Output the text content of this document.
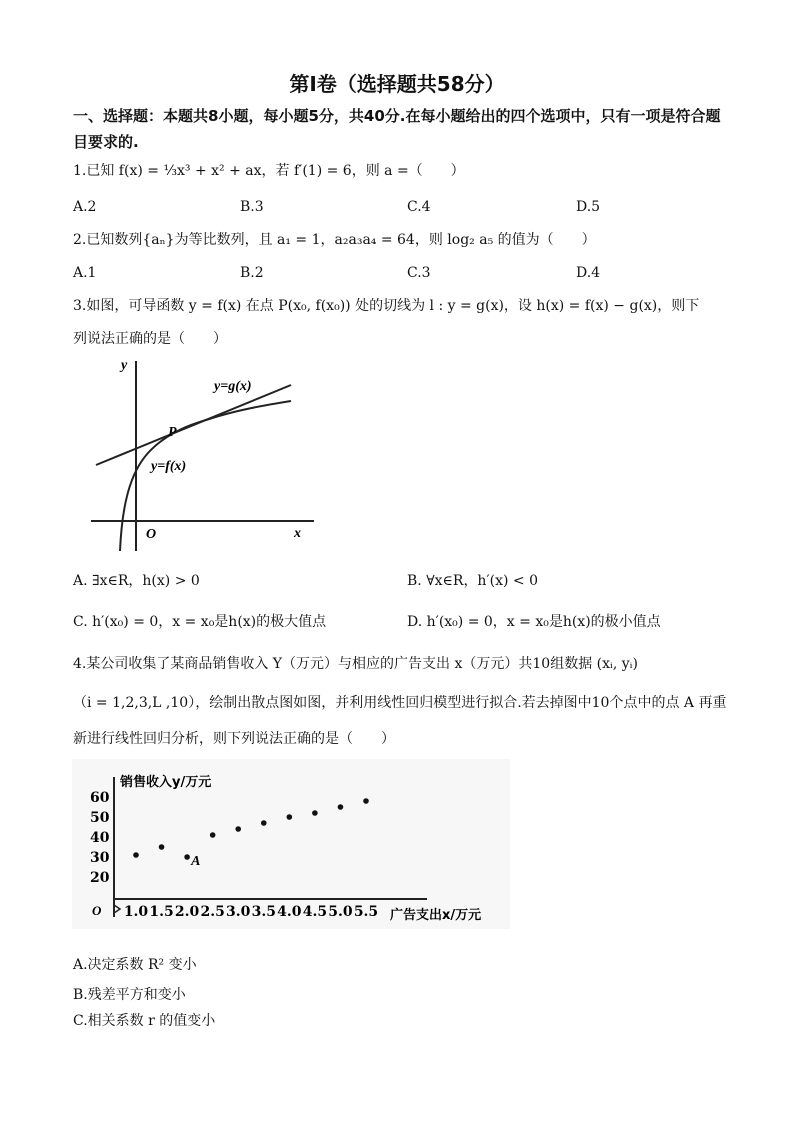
第Ⅰ卷（选择题共58分）
一、选择题：本题共8小题，每小题5分，共40分.在每小题给出的四个选项中，只有一项是符合题目要求的.
1.已知 f(x) = ⅓x³ + x² + ax，若 f′(1) = 6，则 a =（　　）
A.2	B.3	C.4	D.5
2.已知数列{aₙ}为等比数列，且 a₁ = 1，a₂a₃a₄ = 64，则 log₂ a₅ 的值为（　　）
A.1	B.2	C.3	D.4
3.如图，可导函数 y = f(x) 在点 P(x₀, f(x₀)) 处的切线为 l : y = g(x)，设 h(x) = f(x) − g(x)，则下
列说法正确的是（　　）
y
x
O
P
y=g(x)
y=f(x)
A. ∃x∈R，h(x) > 0	B. ∀x∈R，h′(x) < 0
C. h′(x₀) = 0，x = x₀是h(x)的极大值点	D. h′(x₀) = 0，x = x₀是h(x)的极小值点
4.某公司收集了某商品销售收入 Y（万元）与相应的广告支出 x（万元）共10组数据 (xᵢ, yᵢ)
（i = 1,2,3,L ,10），绘制出散点图如图，并利用线性回归模型进行拟合.若去掉图中10个点中的点 A 再重
新进行线性回归分析，则下列说法正确的是（　　）
销售收入y/万元
广告支出x/万元
O
20
30
40
50
60
1.0 1.5 2.0 2.5 3.0 3.5 4.0 4.5 5.0 5.5
A
A.决定系数 R² 变小
B.残差平方和变小
C.相关系数 r 的值变小
